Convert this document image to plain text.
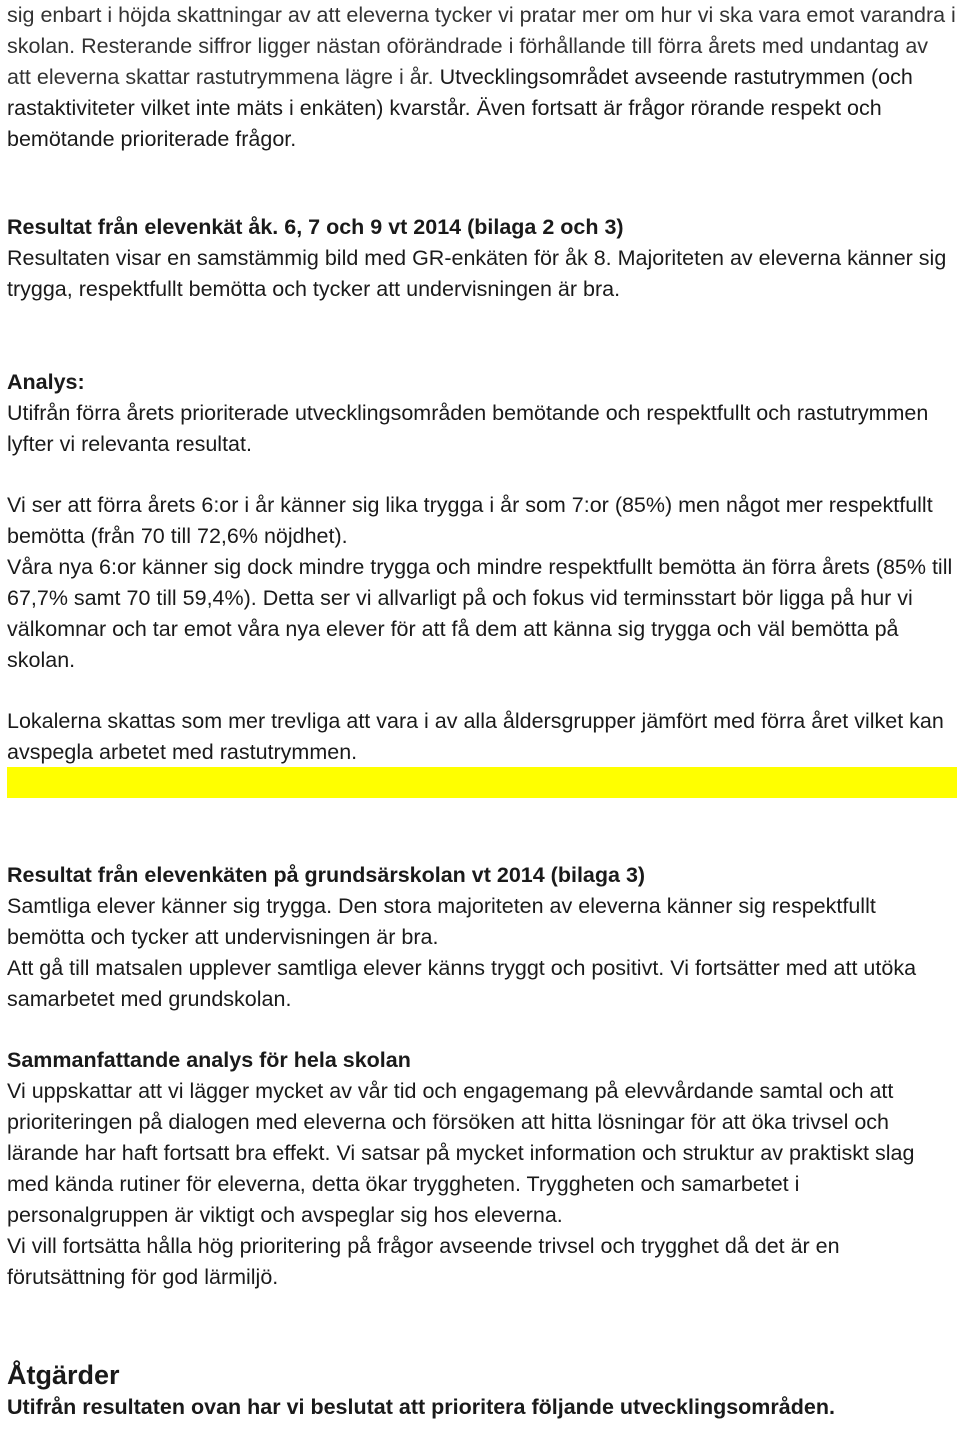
sig enbart i höjda skattningar av att eleverna tycker vi pratar mer om hur vi ska vara emot varandra i skolan. Resterande siffror ligger nästan oförändrade i förhållande till förra årets med undantag av att eleverna skattar rastutrymmena lägre i år. Utvecklingsområdet avseende rastutrymmen (och rastaktiviteter vilket inte mäts i enkäten) kvarstår. Även fortsatt är frågor rörande respekt och bemötande prioriterade frågor.

Resultat från elevenkät åk. 6, 7 och 9 vt 2014 (bilaga 2 och 3)

Resultaten visar en samstämmig bild med GR-enkäten för åk 8. Majoriteten av eleverna känner sig trygga, respektfullt bemötta och tycker att undervisningen är bra.

Analys:

Utifrån förra årets prioriterade utvecklingsområden bemötande och respektfullt och rastutrymmen lyfter vi relevanta resultat.

Vi ser att förra årets 6:or i år känner sig lika trygga i år som 7:or (85%) men något mer respektfullt bemötta (från 70 till 72,6% nöjdhet).

Våra nya 6:or känner sig dock mindre trygga och mindre respektfullt bemötta än förra årets (85% till 67,7% samt 70 till 59,4%). Detta ser vi allvarligt på och fokus vid terminsstart bör ligga på hur vi välkomnar och tar emot våra nya elever för att få dem att känna sig trygga och väl bemötta på skolan.

Lokalerna skattas som mer trevliga att vara i av alla åldersgrupper jämfört med förra året vilket kan avspegla arbetet med rastutrymmen.

Resultat från elevenkäten på grundsärskolan vt 2014 (bilaga 3)

Samtliga elever känner sig trygga. Den stora majoriteten av eleverna känner sig respektfullt bemötta och tycker att undervisningen är bra.

Att gå till matsalen upplever samtliga elever känns tryggt och positivt. Vi fortsätter med att utöka samarbetet med grundskolan.

Sammanfattande analys för hela skolan

Vi uppskattar att vi lägger mycket av vår tid och engagemang på elevvårdande samtal och att prioriteringen på dialogen med eleverna och försöken att hitta lösningar för att öka trivsel och lärande har haft fortsatt bra effekt. Vi satsar på mycket information och struktur av praktiskt slag med kända rutiner för eleverna, detta ökar tryggheten. Tryggheten och samarbetet i personalgruppen är viktigt och avspeglar sig hos eleverna.

Vi vill fortsätta hålla hög prioritering på frågor avseende trivsel och trygghet då det är en förutsättning för god lärmiljö.

Åtgärder

Utifrån resultaten ovan har vi beslutat att prioritera följande utvecklingsområden.
